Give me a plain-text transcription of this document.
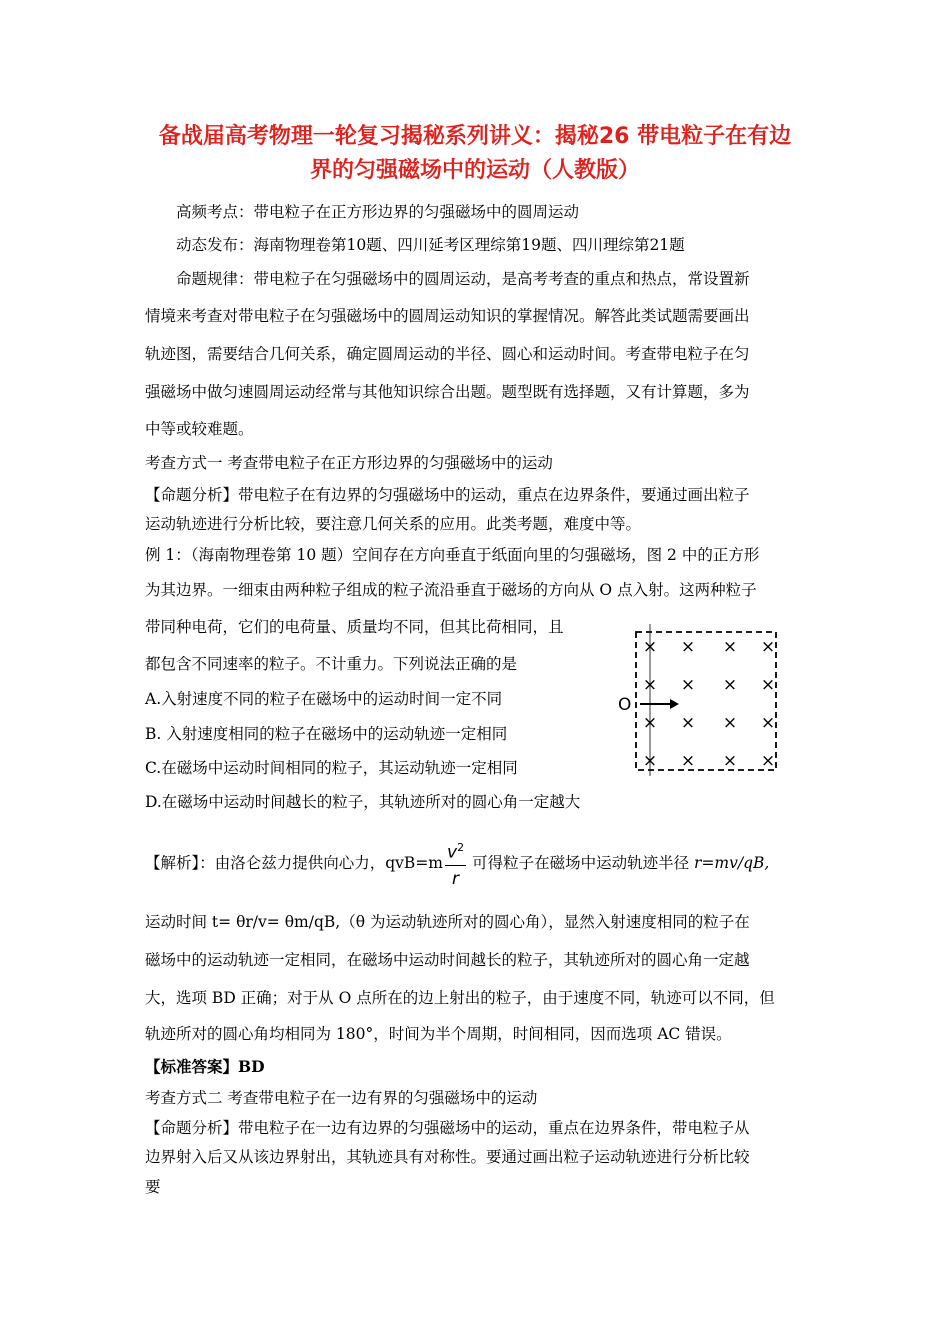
备战届高考物理一轮复习揭秘系列讲义：揭秘26 带电粒子在有边
界的匀强磁场中的运动（人教版）
高频考点：带电粒子在正方形边界的匀强磁场中的圆周运动
动态发布：海南物理卷第10题、四川延考区理综第19题、四川理综第21题
命题规律：带电粒子在匀强磁场中的圆周运动，是高考考查的重点和热点，常设置新
情境来考查对带电粒子在匀强磁场中的圆周运动知识的掌握情况。解答此类试题需要画出
轨迹图，需要结合几何关系，确定圆周运动的半径、圆心和运动时间。考查带电粒子在匀
强磁场中做匀速圆周运动经常与其他知识综合出题。题型既有选择题，又有计算题，多为
中等或较难题。
考查方式一 考查带电粒子在正方形边界的匀强磁场中的运动
【命题分析】带电粒子在有边界的匀强磁场中的运动，重点在边界条件，要通过画出粒子
运动轨迹进行分析比较，要注意几何关系的应用。此类考题，难度中等。
例 1：（海南物理卷第 10 题）空间存在方向垂直于纸面向里的匀强磁场，图 2 中的正方形
为其边界。一细束由两种粒子组成的粒子流沿垂直于磁场的方向从 O 点入射。这两种粒子
带同种电荷，它们的电荷量、质量均不同，但其比荷相同，且
都包含不同速率的粒子。不计重力。下列说法正确的是
A.入射速度不同的粒子在磁场中的运动时间一定不同
B. 入射速度相同的粒子在磁场中的运动轨迹一定相同
C.在磁场中运动时间相同的粒子，其运动轨迹一定相同
D.在磁场中运动时间越长的粒子，其轨迹所对的圆心角一定越大
× × × ×
× × × ×
× × × ×
× × × ×
O
【解析】：由洛仑兹力提供向心力，$qvB=m \frac{v^2}{r}$ 可得粒子在磁场中运动轨迹半径 r=mv/qB,
运动时间 t= θr/v= θm/qB,（θ 为运动轨迹所对的圆心角），显然入射速度相同的粒子在
磁场中的运动轨迹一定相同，在磁场中运动时间越长的粒子，其轨迹所对的圆心角一定越
大，选项 BD 正确；对于从 O 点所在的边上射出的粒子，由于速度不同，轨迹可以不同，但
轨迹所对的圆心角均相同为 180°，时间为半个周期，时间相同，因而选项 AC 错误。
【标准答案】BD
考查方式二 考查带电粒子在一边有界的匀强磁场中的运动
【命题分析】带电粒子在一边有边界的匀强磁场中的运动，重点在边界条件，带电粒子从
边界射入后又从该边界射出，其轨迹具有对称性。要通过画出粒子运动轨迹进行分析比较
要
